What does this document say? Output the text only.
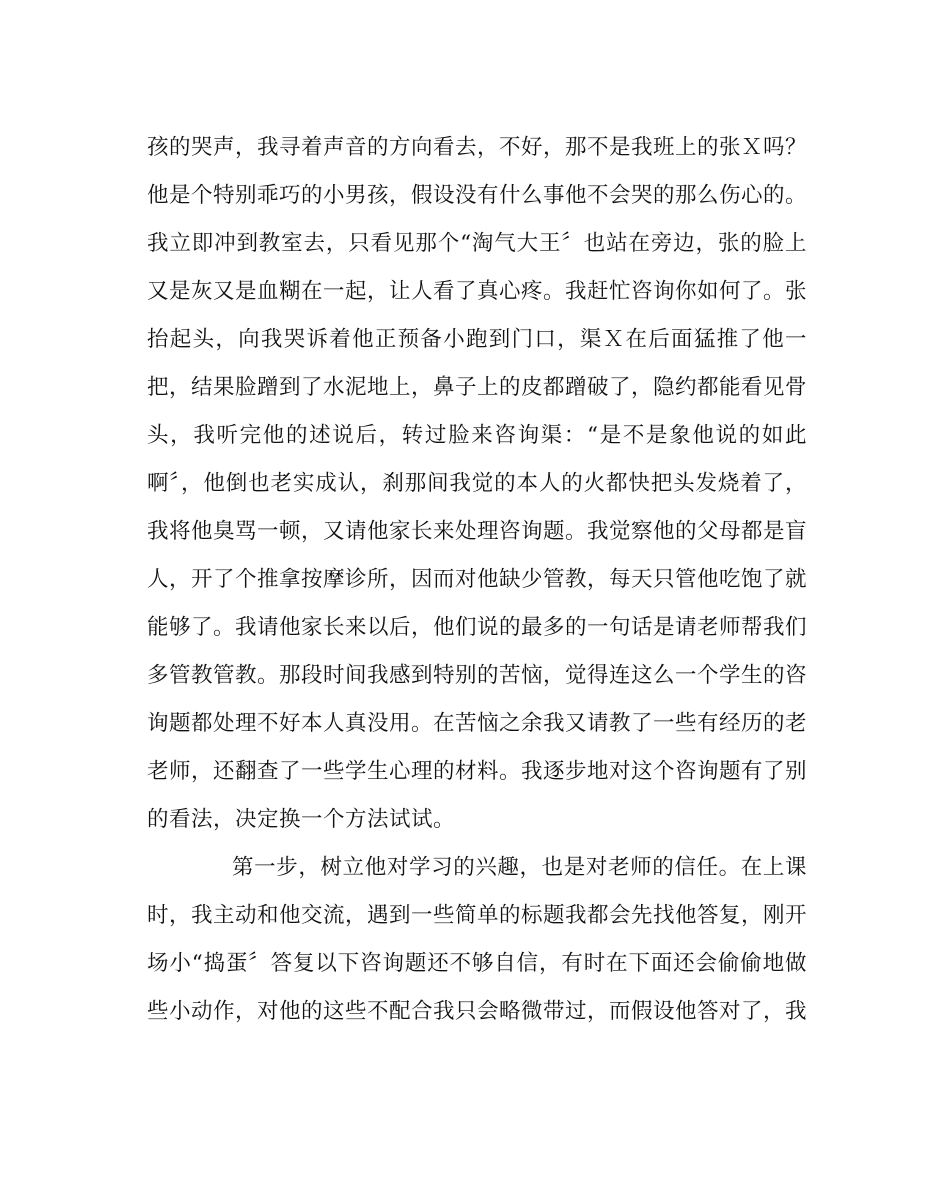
孩的哭声，我寻着声音的方向看去，不好，那不是我班上的张Ｘ吗？
他是个特别乖巧的小男孩，假设没有什么事他不会哭的那么伤心的。
我立即冲到教室去，只看见那个“淘气大王〞也站在旁边，张的脸上
又是灰又是血糊在一起，让人看了真心疼。我赶忙咨询你如何了。张
抬起头，向我哭诉着他正预备小跑到门口，渠Ｘ在后面猛推了他一
把，结果脸蹭到了水泥地上，鼻子上的皮都蹭破了，隐约都能看见骨
头，我听完他的述说后，转过脸来咨询渠：“是不是象他说的如此
啊〞，他倒也老实成认，刹那间我觉的本人的火都快把头发烧着了，
我将他臭骂一顿，又请他家长来处理咨询题。我觉察他的父母都是盲
人，开了个推拿按摩诊所，因而对他缺少管教，每天只管他吃饱了就
能够了。我请他家长来以后，他们说的最多的一句话是请老师帮我们
多管教管教。那段时间我感到特别的苦恼，觉得连这么一个学生的咨
询题都处理不好本人真没用。在苦恼之余我又请教了一些有经历的老
老师，还翻查了一些学生心理的材料。我逐步地对这个咨询题有了别
的看法，决定换一个方法试试。
第一步，树立他对学习的兴趣，也是对老师的信任。在上课
时，我主动和他交流，遇到一些简单的标题我都会先找他答复，刚开
场小“捣蛋〞答复以下咨询题还不够自信，有时在下面还会偷偷地做
些小动作，对他的这些不配合我只会略微带过，而假设他答对了，我
